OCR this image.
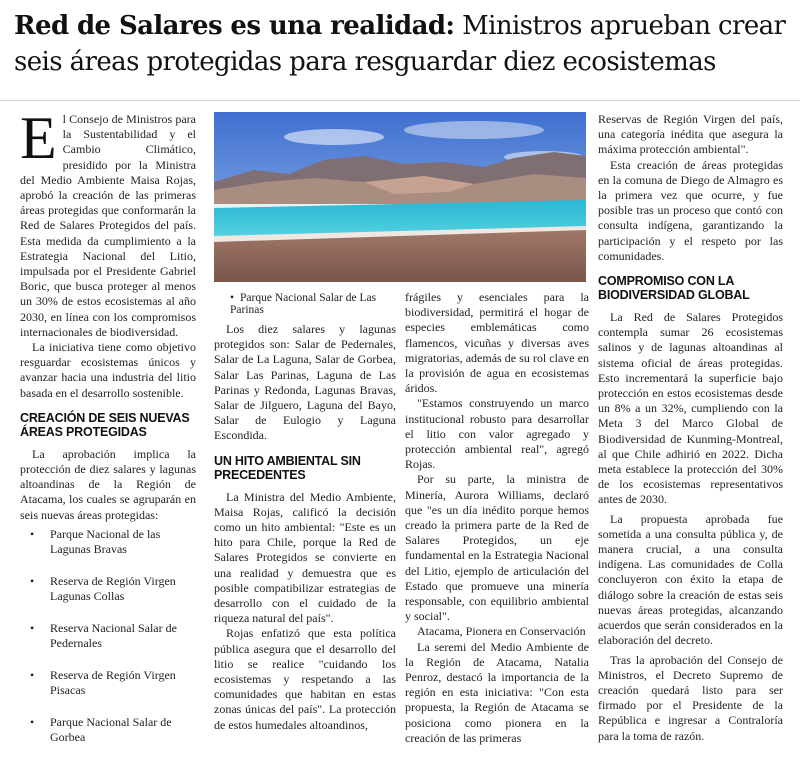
Red de Salares es una realidad: Ministros aprueban crear seis áreas protegidas para resguardar diez ecosistemas
E l Consejo de Ministros para la Sustentabilidad y el Cambio Climático, presidido por la Ministra del Medio Ambiente Maisa Rojas, aprobó la creación de las primeras áreas protegidas que conformarán la Red de Salares Protegidos del país. Esta medida da cumplimiento a la Estrategia Nacional del Litio, impulsada por el Presidente Gabriel Boric, que busca proteger al menos un 30% de estos ecosistemas al año 2030, en línea con los compromisos internacionales de biodiversidad.

La iniciativa tiene como objetivo resguardar ecosistemas únicos y avanzar hacia una industria del litio basada en el desarrollo sostenible.

CREACIÓN DE SEIS NUEVAS ÁREAS PROTEGIDAS

La aprobación implica la protección de diez salares y lagunas altoandinas de la Región de Atacama, los cuales se agruparán en seis nuevas áreas protegidas:

• Parque Nacional de las Lagunas Bravas
• Reserva de Región Virgen Lagunas Collas
• Reserva Nacional Salar de Pedernales
• Reserva de Región Virgen Pisacas
• Parque Nacional Salar de Gorbea
• Parque Nacional Salar de Las Parinas

Los diez salares y lagunas protegidos son: Salar de Pedernales, Salar de La Laguna, Salar de Gorbea, Salar Las Parinas, Laguna de Las Parinas y Redonda, Lagunas Bravas, Salar de Jilguero, Laguna del Bayo, Salar de Eulogio y Laguna Escondida.

UN HITO AMBIENTAL SIN PRECEDENTES

La Ministra del Medio Ambiente, Maisa Rojas, calificó la decisión como un hito ambiental: "Este es un hito para Chile, porque la Red de Salares Protegidos se convierte en una realidad y demuestra que es posible compatibilizar estrategias de desarrollo con el cuidado de la riqueza natural del país".

Rojas enfatizó que esta política pública asegura que el desarrollo del litio se realice "cuidando los ecosistemas y respetando a las comunidades que habitan en estas zonas únicas del país". La protección de estos humedales altoandinos,

frágiles y esenciales para la biodiversidad, permitirá el hogar de especies emblemáticas como flamencos, vicuñas y diversas aves migratorias, además de su rol clave en la provisión de agua en ecosistemas áridos.

"Estamos construyendo un marco institucional robusto para desarrollar el litio con valor agregado y protección ambiental real", agregó Rojas.

Por su parte, la ministra de Minería, Aurora Williams, declaró que "es un día inédito porque hemos creado la primera parte de la Red de Salares Protegidos, un eje fundamental en la Estrategia Nacional del Litio, ejemplo de articulación del Estado que promueve una minería responsable, con equilibrio ambiental y social".

Atacama, Pionera en Conservación

La seremi del Medio Ambiente de la Región de Atacama, Natalia Penroz, destacó la importancia de la región en esta iniciativa: "Con esta propuesta, la Región de Atacama se posiciona como pionera en la creación de las primeras

Reservas de Región Virgen del país, una categoría inédita que asegura la máxima protección ambiental".

Esta creación de áreas protegidas en la comuna de Diego de Almagro es la primera vez que ocurre, y fue posible tras un proceso que contó con consulta indígena, garantizando la participación y el respeto por las comunidades.

COMPROMISO CON LA BIODIVERSIDAD GLOBAL

La Red de Salares Protegidos contempla sumar 26 ecosistemas salinos y de lagunas altoandinas al sistema oficial de áreas protegidas. Esto incrementará la superficie bajo protección en estos ecosistemas desde un 8% a un 32%, cumpliendo con la Meta 3 del Marco Global de Biodiversidad de Kunming-Montreal, al que Chile adhirió en 2022. Dicha meta establece la protección del 30% de los ecosistemas representativos antes de 2030.

La propuesta aprobada fue sometida a una consulta pública y, de manera crucial, a una consulta indígena. Las comunidades de Colla concluyeron con éxito la etapa de diálogo sobre la creación de estas seis nuevas áreas protegidas, alcanzando acuerdos que serán considerados en la elaboración del decreto.

Tras la aprobación del Consejo de Ministros, el Decreto Supremo de creación quedará listo para ser firmado por el Presidente de la República e ingresar a Contraloría para la toma de razón.
